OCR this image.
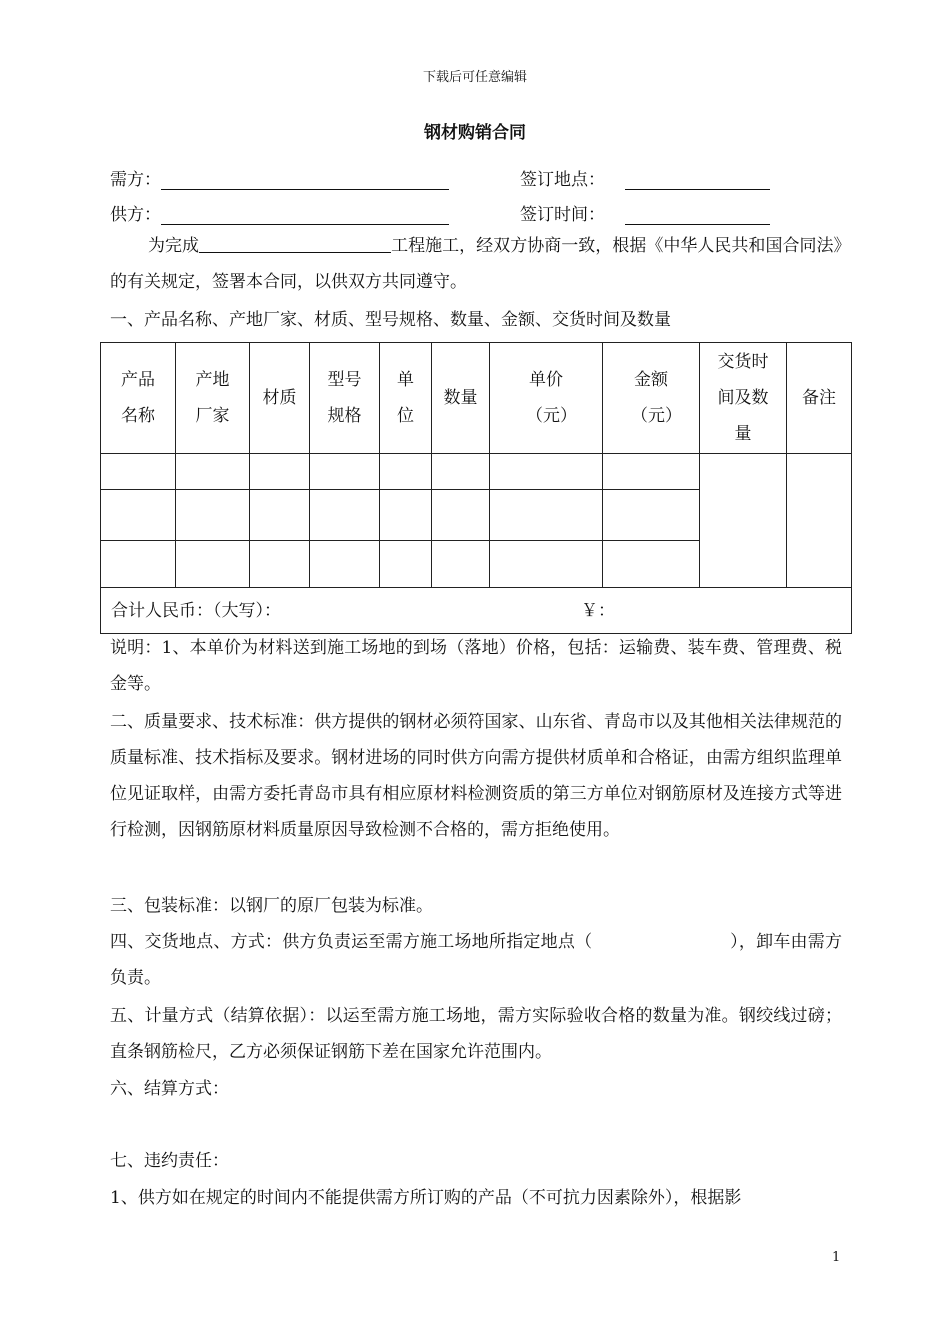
下载后可任意编辑
钢材购销合同
需方：	签订地点：
供方：	签订时间：
为完成	工程施工，经双方协商一致，根据《中华人民共和国合同法》的有关规定，签署本合同，以供双方共同遵守。
一、产品名称、产地厂家、材质、型号规格、数量、金额、交货时间及数量
产品名称	产地厂家	材质	型号规格	单位	数量	单价（元）	金额（元）	交货时间及数量	备注

合计人民币：（大写）： ￥：									
说明：1、本单价为材料送到施工场地的到场（落地）价格，包括：运输费、装车费、管理费、税金等。
二、质量要求、技术标准：供方提供的钢材必须符国家、山东省、青岛市以及其他相关法律规范的质量标准、技术指标及要求。钢材进场的同时供方向需方提供材质单和合格证，由需方组织监理单位见证取样，由需方委托青岛市具有相应原材料检测资质的第三方单位对钢筋原材及连接方式等进行检测，因钢筋原材料质量原因导致检测不合格的，需方拒绝使用。
三、包装标准：以钢厂的原厂包装为标准。
四、交货地点、方式：供方负责运至需方施工场地所指定地点（　　　　　　　　），卸车由需方负责。
五、计量方式（结算依据）：以运至需方施工场地，需方实际验收合格的数量为准。钢绞线过磅；直条钢筋检尺，乙方必须保证钢筋下差在国家允许范围内。
六、结算方式：
七、违约责任：
1、供方如在规定的时间内不能提供需方所订购的产品（不可抗力因素除外），根据影
1
